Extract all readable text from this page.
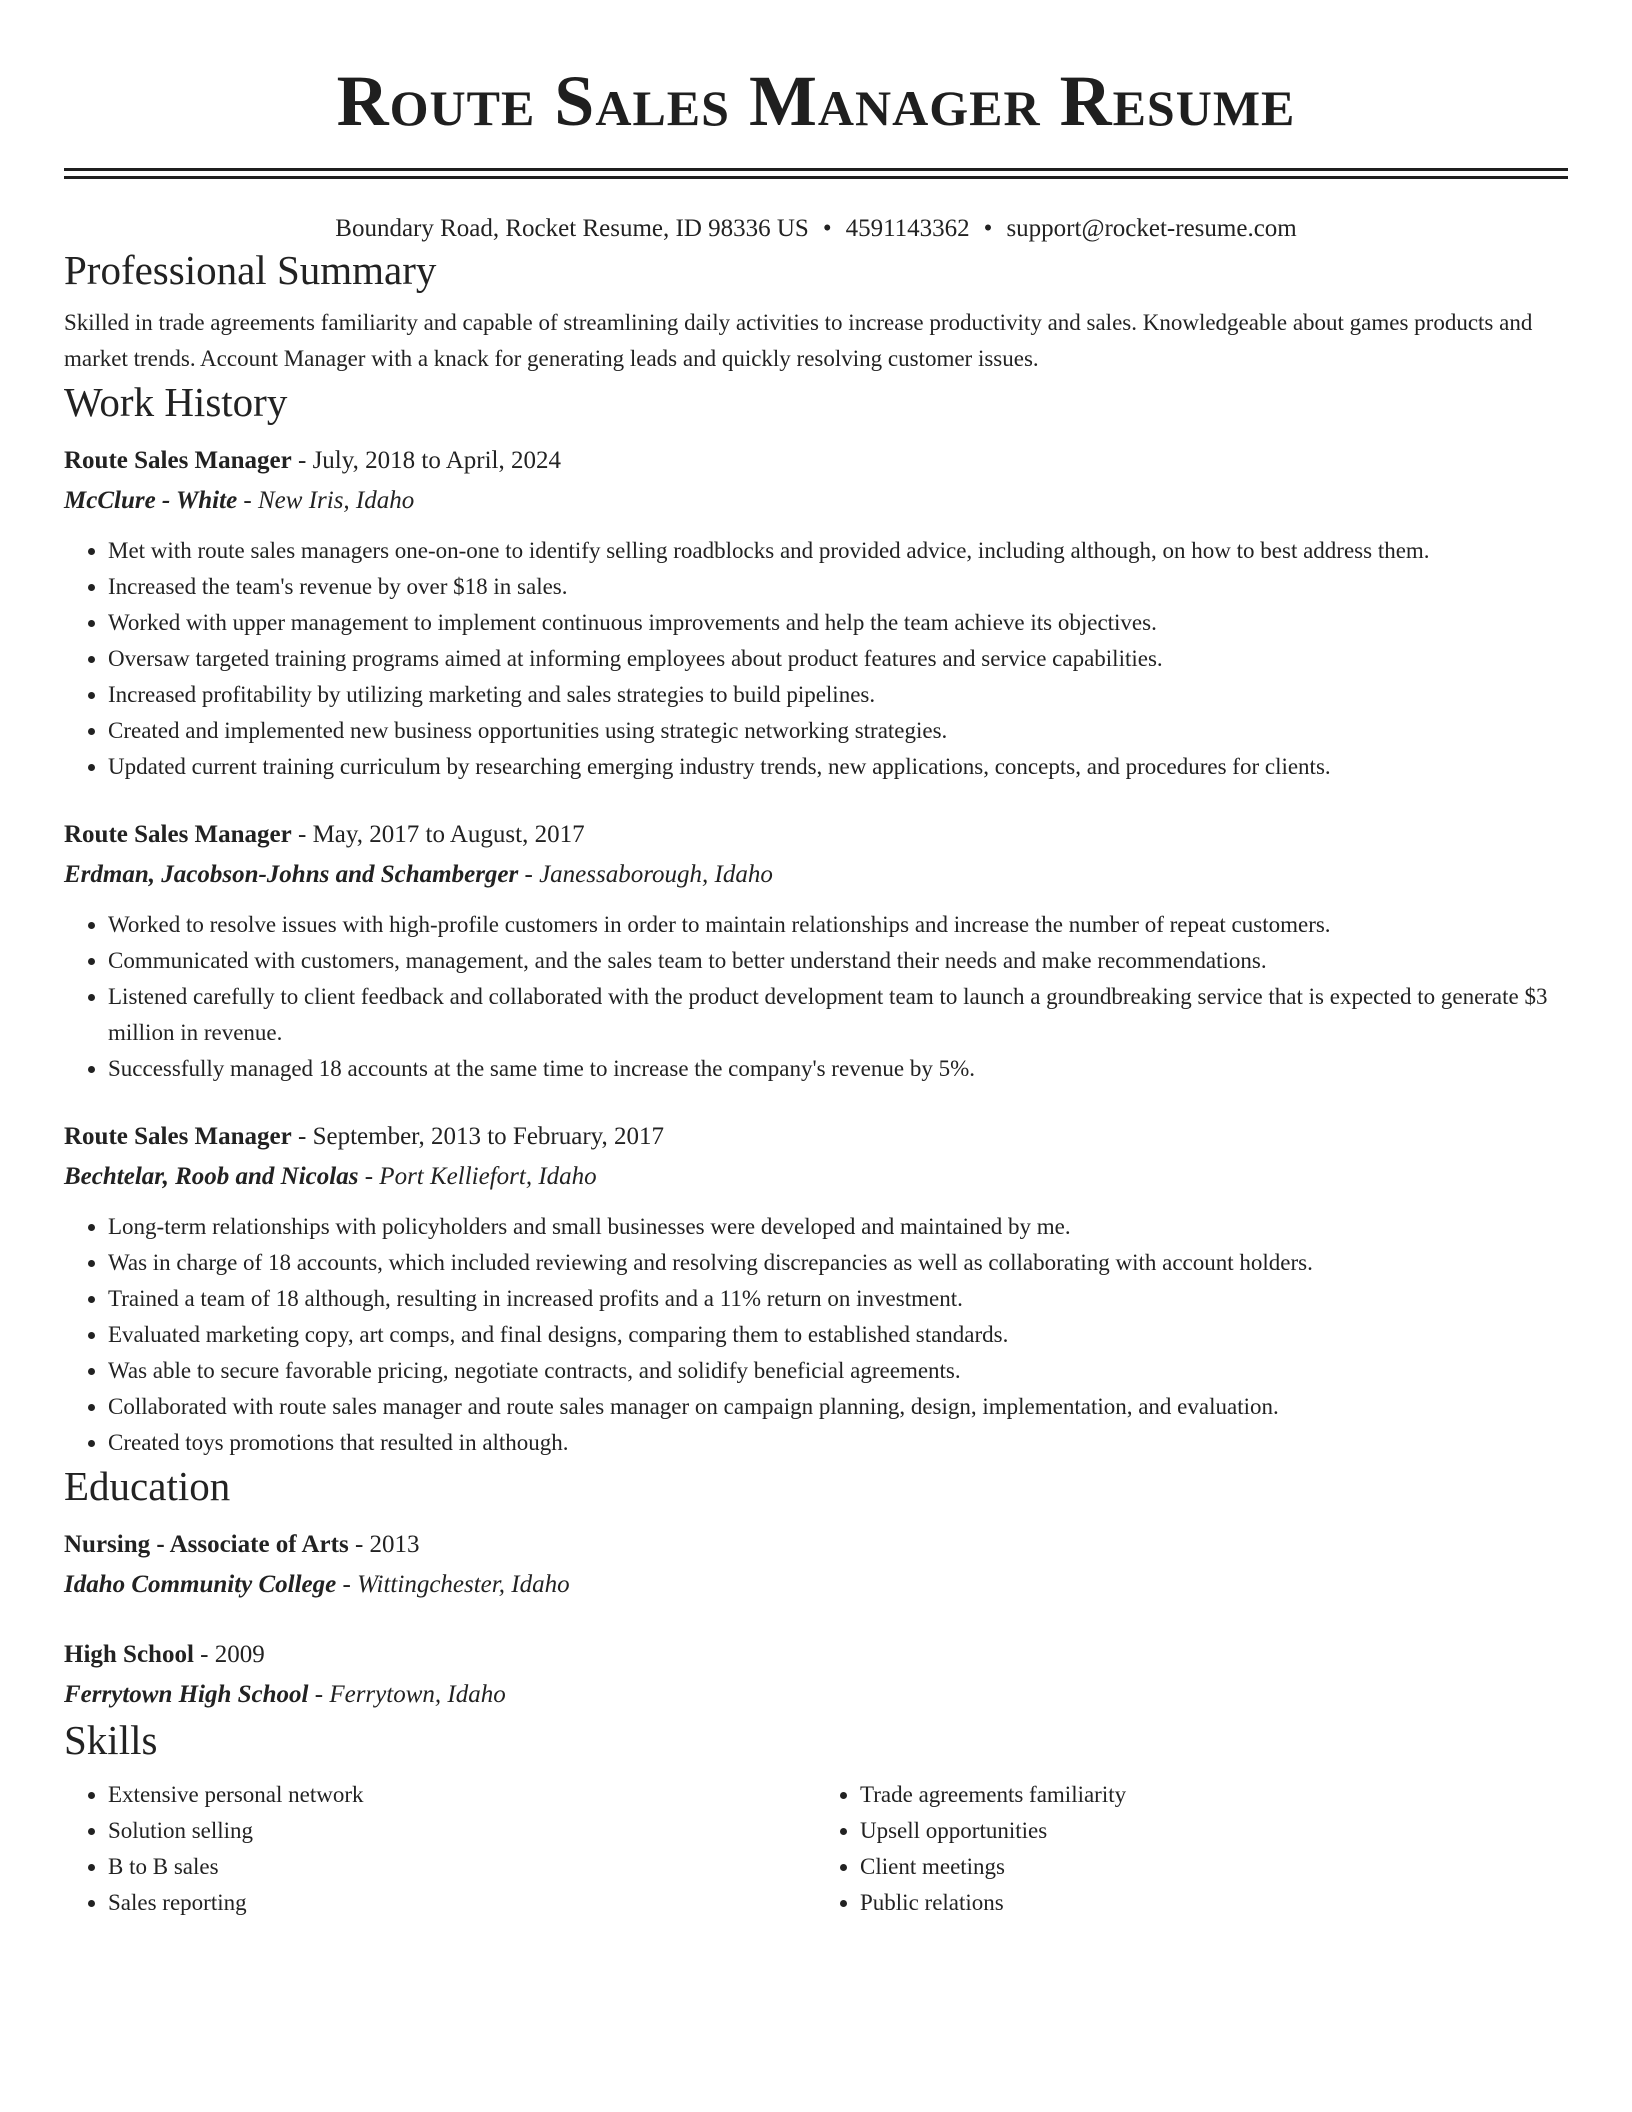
Route Sales Manager Resume
Boundary Road, Rocket Resume, ID 98336 US • 4591143362 • support@rocket-resume.com
Professional Summary
Skilled in trade agreements familiarity and capable of streamlining daily activities to increase productivity and sales. Knowledgeable about games products and market trends. Account Manager with a knack for generating leads and quickly resolving customer issues.
Work History
Route Sales Manager - July, 2018 to April, 2024
McClure - White - New Iris, Idaho
• Met with route sales managers one-on-one to identify selling roadblocks and provided advice, including although, on how to best address them.
• Increased the team's revenue by over $18 in sales.
• Worked with upper management to implement continuous improvements and help the team achieve its objectives.
• Oversaw targeted training programs aimed at informing employees about product features and service capabilities.
• Increased profitability by utilizing marketing and sales strategies to build pipelines.
• Created and implemented new business opportunities using strategic networking strategies.
• Updated current training curriculum by researching emerging industry trends, new applications, concepts, and procedures for clients.
Route Sales Manager - May, 2017 to August, 2017
Erdman, Jacobson-Johns and Schamberger - Janessaborough, Idaho
• Worked to resolve issues with high-profile customers in order to maintain relationships and increase the number of repeat customers.
• Communicated with customers, management, and the sales team to better understand their needs and make recommendations.
• Listened carefully to client feedback and collaborated with the product development team to launch a groundbreaking service that is expected to generate $3 million in revenue.
• Successfully managed 18 accounts at the same time to increase the company's revenue by 5%.
Route Sales Manager - September, 2013 to February, 2017
Bechtelar, Roob and Nicolas - Port Kelliefort, Idaho
• Long-term relationships with policyholders and small businesses were developed and maintained by me.
• Was in charge of 18 accounts, which included reviewing and resolving discrepancies as well as collaborating with account holders.
• Trained a team of 18 although, resulting in increased profits and a 11% return on investment.
• Evaluated marketing copy, art comps, and final designs, comparing them to established standards.
• Was able to secure favorable pricing, negotiate contracts, and solidify beneficial agreements.
• Collaborated with route sales manager and route sales manager on campaign planning, design, implementation, and evaluation.
• Created toys promotions that resulted in although.
Education
Nursing - Associate of Arts - 2013
Idaho Community College - Wittingchester, Idaho
High School - 2009
Ferrytown High School - Ferrytown, Idaho
Skills
• Extensive personal network
• Solution selling
• B to B sales
• Sales reporting
• Trade agreements familiarity
• Upsell opportunities
• Client meetings
• Public relations
